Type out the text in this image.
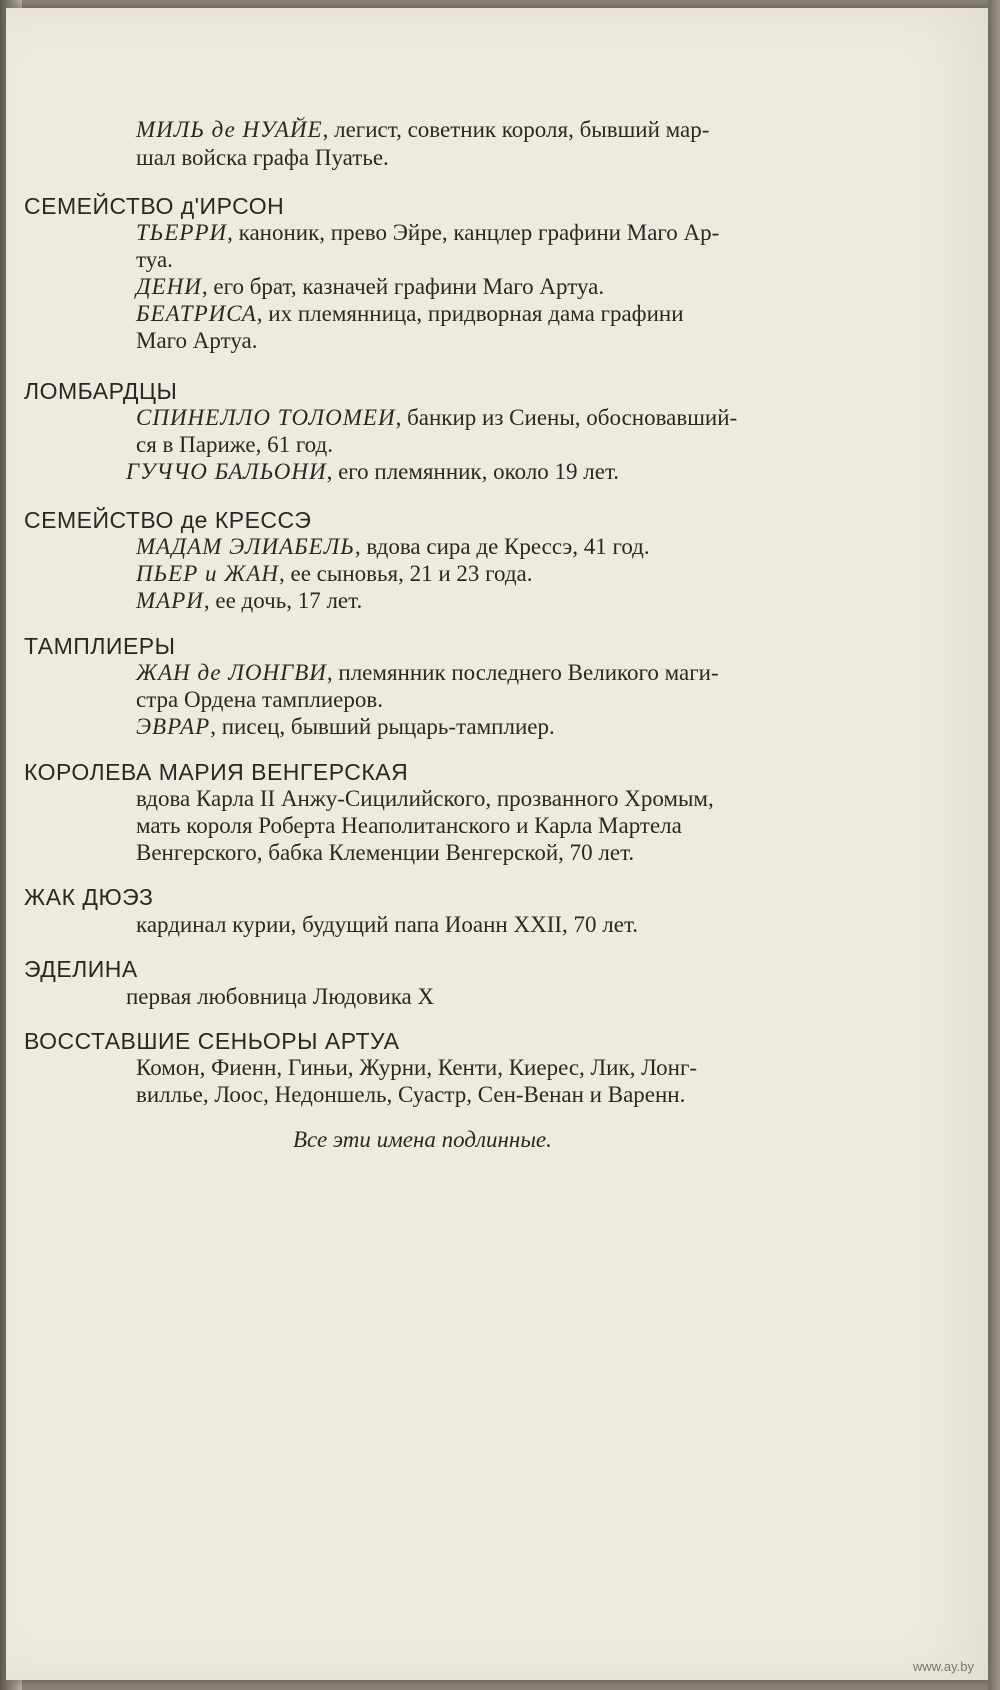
МИЛЬ де НУАЙЕ, легист, советник короля, бывший мар-
шал войска графа Пуатье.
СЕМЕЙСТВО д'ИРСОН
ТЬЕРРИ, каноник, прево Эйре, канцлер графини Маго Ар-
туа.
ДЕНИ, его брат, казначей графини Маго Артуа.
БЕАТРИСА, их племянница, придворная дама графини
Маго Артуа.
ЛОМБАРДЦЫ
СПИНЕЛЛО ТОЛОМЕИ, банкир из Сиены, обосновавший-
ся в Париже, 61 год.
ГУЧЧО БАЛЬОНИ, его племянник, около 19 лет.
СЕМЕЙСТВО де КРЕССЭ
МАДАМ ЭЛИАБЕЛЬ, вдова сира де Крессэ, 41 год.
ПЬЕР и ЖАН, ее сыновья, 21 и 23 года.
МАРИ, ее дочь, 17 лет.
ТАМПЛИЕРЫ
ЖАН де ЛОНГВИ, племянник последнего Великого маги-
стра Ордена тамплиеров.
ЭВРАР, писец, бывший рыцарь-тамплиер.
КОРОЛЕВА МАРИЯ ВЕНГЕРСКАЯ
вдова Карла II Анжу-Сицилийского, прозванного Хромым,
мать короля Роберта Неаполитанского и Карла Мартела
Венгерского, бабка Клеменции Венгерской, 70 лет.
ЖАК ДЮЭЗ
кардинал курии, будущий папа Иоанн XXII, 70 лет.
ЭДЕЛИНА
первая любовница Людовика X
ВОССТАВШИЕ СЕНЬОРЫ АРТУА
Комон, Фиенн, Гиньи, Журни, Кенти, Киерес, Лик, Лонг-
вилльe, Лоос, Недоншель, Суастр, Сен-Венан и Варенн.
Все эти имена подлинные.
www.ay.by
